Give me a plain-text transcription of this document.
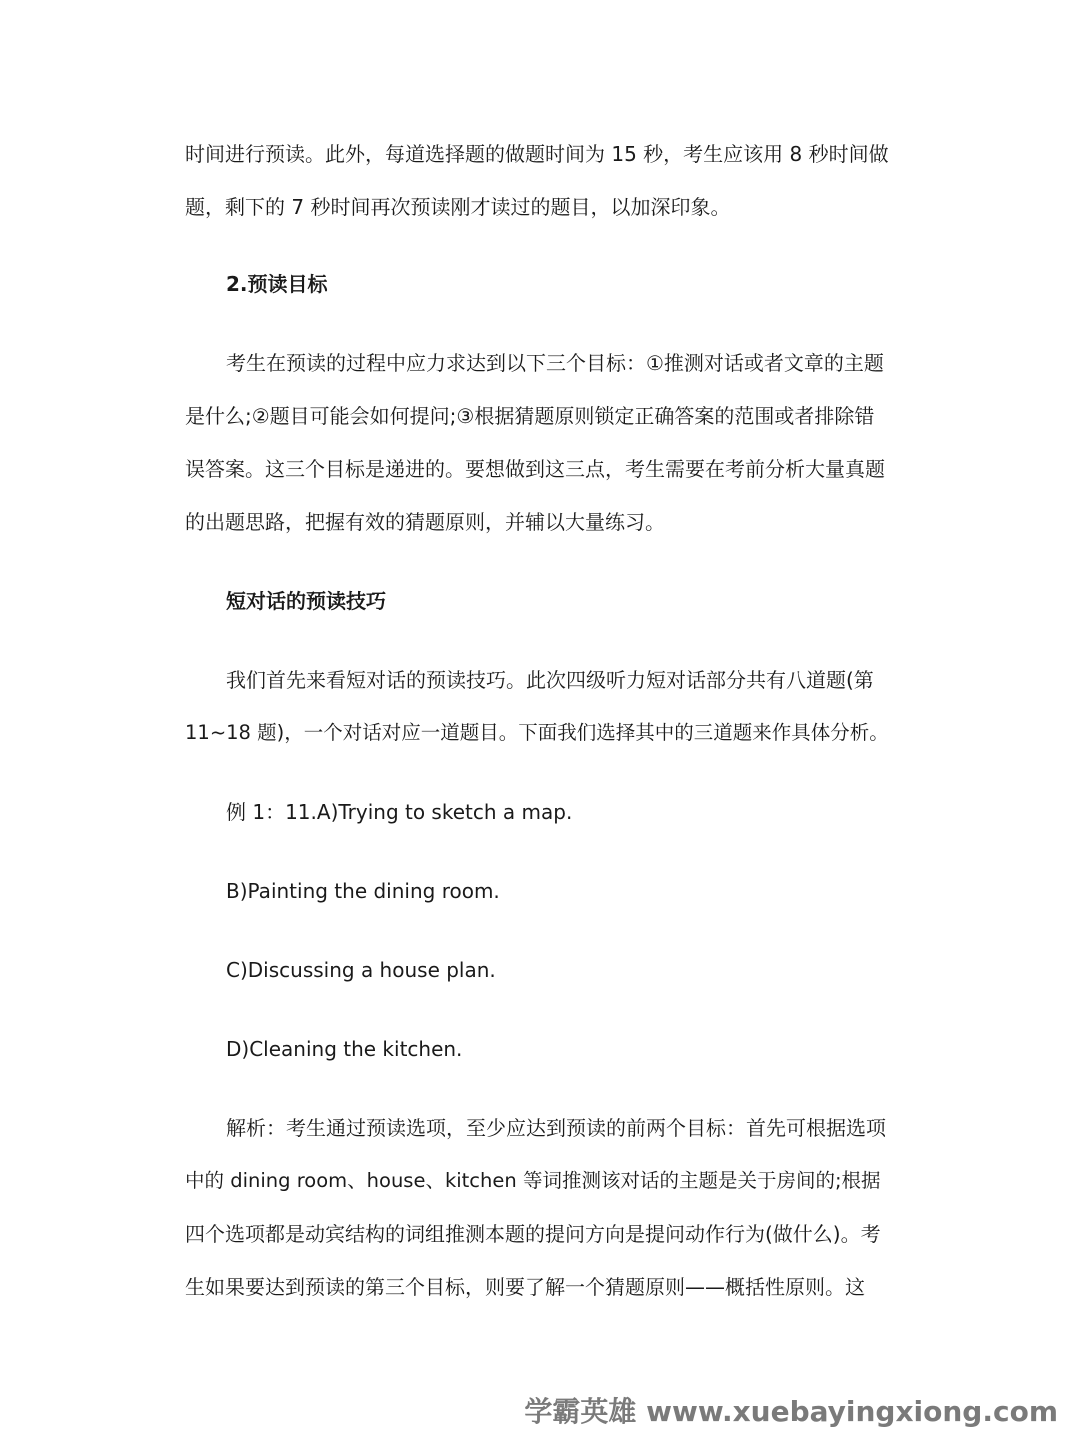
时间进行预读。此外，每道选择题的做题时间为 15 秒，考生应该用 8 秒时间做
题，剩下的 7 秒时间再次预读刚才读过的题目，以加深印象。
2.预读目标
考生在预读的过程中应力求达到以下三个目标：①推测对话或者文章的主题
是什么;②题目可能会如何提问;③根据猜题原则锁定正确答案的范围或者排除错
误答案。这三个目标是递进的。要想做到这三点，考生需要在考前分析大量真题
的出题思路，把握有效的猜题原则，并辅以大量练习。
短对话的预读技巧
我们首先来看短对话的预读技巧。此次四级听力短对话部分共有八道题(第
11~18 题)，一个对话对应一道题目。下面我们选择其中的三道题来作具体分析。
例 1：11.A)Trying to sketch a map.
B)Painting the dining room.
C)Discussing a house plan.
D)Cleaning the kitchen.
解析：考生通过预读选项，至少应达到预读的前两个目标：首先可根据选项
中的 dining room、house、kitchen 等词推测该对话的主题是关于房间的;根据
四个选项都是动宾结构的词组推测本题的提问方向是提问动作行为(做什么)。考
生如果要达到预读的第三个目标，则要了解一个猜题原则——概括性原则。这
学霸英雄 www.xuebayingxiong.com
